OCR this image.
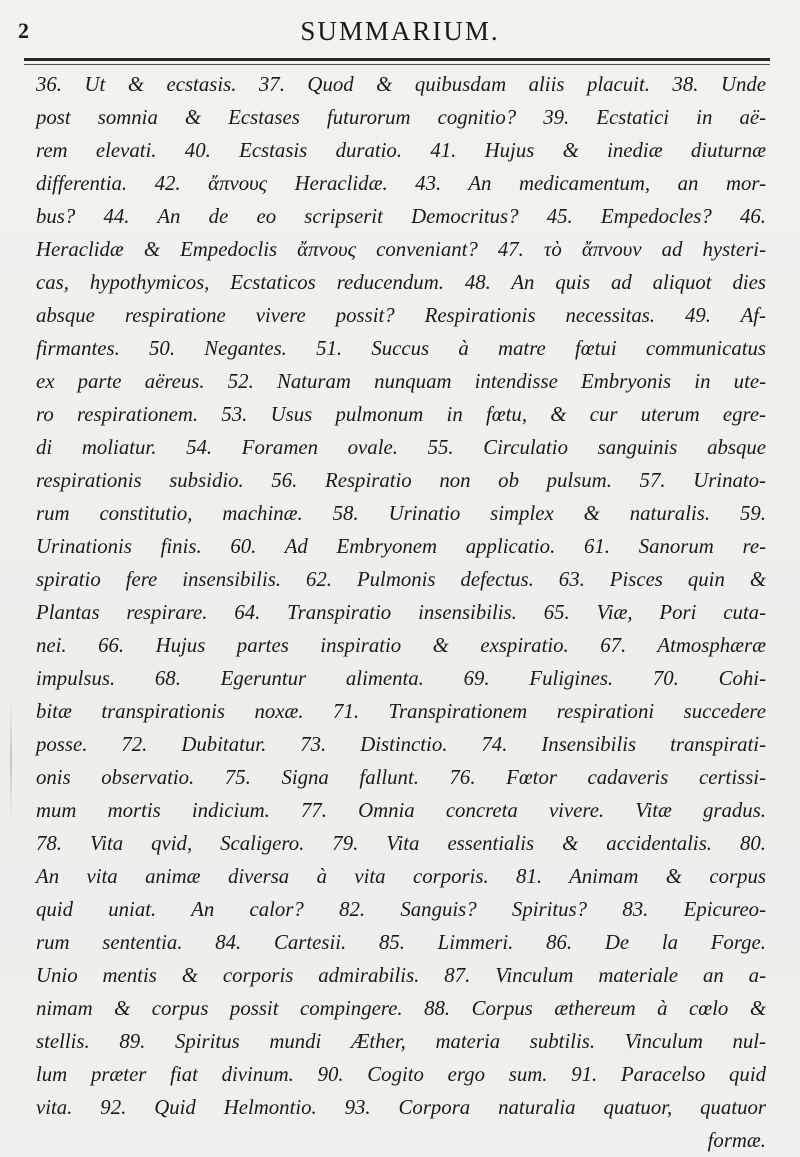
2	SUMMARIUM.
36. Ut & ecstasis. 37. Quod & quibusdam aliis placuit. 38. Unde
post somnia & Ecstases futurorum cognitio? 39. Ecstatici in aë-
rem elevati. 40. Ecstasis duratio. 41. Hujus & inediæ diuturnæ
differentia. 42. ἄπνους Heraclidæ. 43. An medicamentum, an mor-
bus? 44. An de eo scripserit Democritus? 45. Empedocles? 46.
Heraclidæ & Empedoclis ἄπνους conveniant? 47. τὸ ἄπνουν ad hysteri-
cas, hypothymicos, Ecstaticos reducendum. 48. An quis ad aliquot dies
absque respiratione vivere possit? Respirationis necessitas. 49. Af-
firmantes. 50. Negantes. 51. Succus à matre fœtui communicatus
ex parte aëreus. 52. Naturam nunquam intendisse Embryonis in ute-
ro respirationem. 53. Usus pulmonum in fœtu, & cur uterum egre-
di moliatur. 54. Foramen ovale. 55. Circulatio sanguinis absque
respirationis subsidio. 56. Respiratio non ob pulsum. 57. Urinato-
rum constitutio, machinæ. 58. Urinatio simplex & naturalis. 59.
Urinationis finis. 60. Ad Embryonem applicatio. 61. Sanorum re-
spiratio fere insensibilis. 62. Pulmonis defectus. 63. Pisces quin &
Plantas respirare. 64. Transpiratio insensibilis. 65. Viæ, Pori cuta-
nei. 66. Hujus partes inspiratio & exspiratio. 67. Atmosphæræ
impulsus. 68. Egeruntur alimenta. 69. Fuligines. 70. Cohi-
bitæ transpirationis noxæ. 71. Transpirationem respirationi succedere
posse. 72. Dubitatur. 73. Distinctio. 74. Insensibilis transpirati-
onis observatio. 75. Signa fallunt. 76. Fœtor cadaveris certissi-
mum mortis indicium. 77. Omnia concreta vivere. Vitæ gradus.
78. Vita qvid, Scaligero. 79. Vita essentialis & accidentalis. 80.
An vita animæ diversa à vita corporis. 81. Animam & corpus
quid uniat. An calor? 82. Sanguis? Spiritus? 83. Epicureo-
rum sententia. 84. Cartesii. 85. Limmeri. 86. De la Forge.
Unio mentis & corporis admirabilis. 87. Vinculum materiale an a-
nimam & corpus possit compingere. 88. Corpus æthereum à cœlo &
stellis. 89. Spiritus mundi Æther, materia subtilis. Vinculum nul-
lum præter fiat divinum. 90. Cogito ergo sum. 91. Paracelso quid
vita. 92. Quid Helmontio. 93. Corpora naturalia quatuor, quatuor
formæ.
